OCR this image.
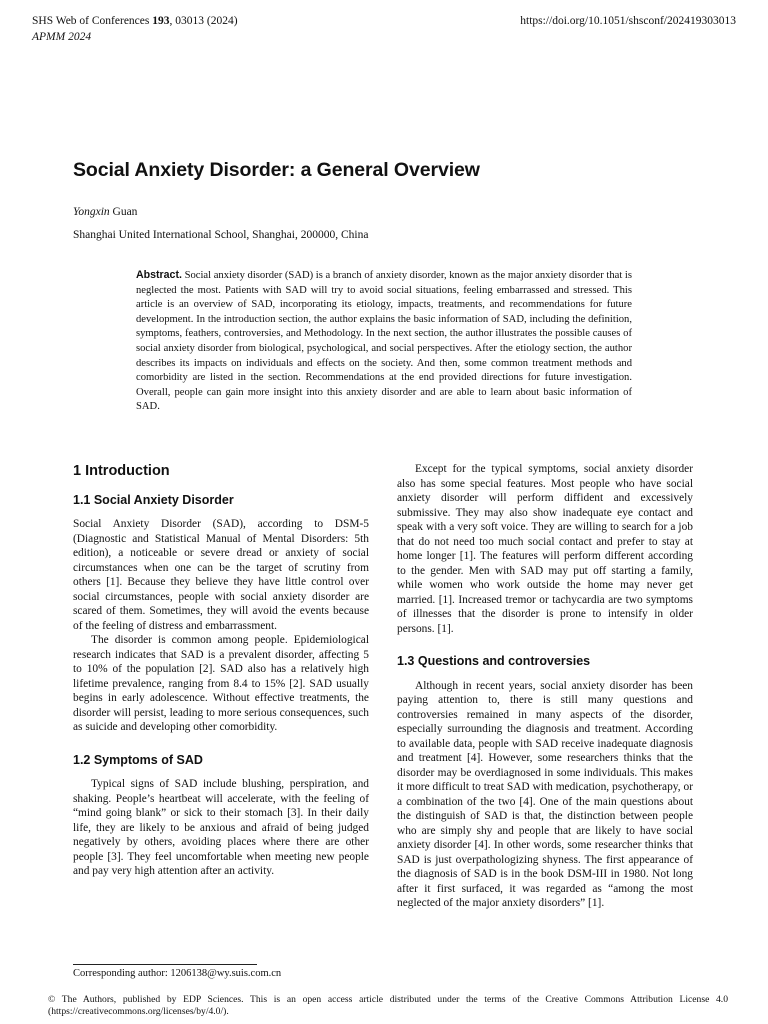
SHS Web of Conferences 193, 03013 (2024)	https://doi.org/10.1051/shsconf/202419303013
APMM 2024
Social Anxiety Disorder: a General Overview
Yongxin Guan
Shanghai United International School, Shanghai, 200000, China

Abstract. Social anxiety disorder (SAD) is a branch of anxiety disorder, known as the major anxiety disorder that is neglected the most. Patients with SAD will try to avoid social situations, feeling embarrassed and stressed. This article is an overview of SAD, incorporating its etiology, impacts, treatments, and recommendations for future development. In the introduction section, the author explains the basic information of SAD, including the definition, symptoms, feathers, controversies, and Methodology. In the next section, the author illustrates the possible causes of social anxiety disorder from biological, psychological, and social perspectives. After the etiology section, the author describes its impacts on individuals and effects on the society. And then, some common treatment methods and comorbidity are listed in the section. Recommendations at the end provided directions for future investigation. Overall, people can gain more insight into this anxiety disorder and are able to learn about basic information of SAD.

1 Introduction
1.1 Social Anxiety Disorder

Social Anxiety Disorder (SAD), according to DSM-5 (Diagnostic and Statistical Manual of Mental Disorders: 5th edition), a noticeable or severe dread or anxiety of social circumstances when one can be the target of scrutiny from others [1]. Because they believe they have little control over social circumstances, people with social anxiety disorder are scared of them. Sometimes, they will avoid the events because of the feeling of distress and embarrassment.

The disorder is common among people. Epidemiological research indicates that SAD is a prevalent disorder, affecting 5 to 10% of the population [2]. SAD also has a relatively high lifetime prevalence, ranging from 8.4 to 15% [2]. SAD usually begins in early adolescence. Without effective treatments, the disorder will persist, leading to more serious consequences, such as suicide and developing other comorbidity.

1.2 Symptoms of SAD

Typical signs of SAD include blushing, perspiration, and shaking. People’s heartbeat will accelerate, with the feeling of “mind going blank” or sick to their stomach [3]. In their daily life, they are likely to be anxious and afraid of being judged negatively by others, avoiding places where there are other people [3]. They feel uncomfortable when meeting new people and pay very high attention after an activity.

Except for the typical symptoms, social anxiety disorder also has some special features. Most people who have social anxiety disorder will perform diffident and excessively submissive. They may also show inadequate eye contact and speak with a very soft voice. They are willing to search for a job that do not need too much social contact and prefer to stay at home longer [1]. The features will perform different according to the gender. Men with SAD may put off starting a family, while women who work outside the home may never get married. [1]. Increased tremor or tachycardia are two symptoms of illnesses that the disorder is prone to intensify in older persons. [1].

1.3 Questions and controversies

Although in recent years, social anxiety disorder has been paying attention to, there is still many questions and controversies remained in many aspects of the disorder, especially surrounding the diagnosis and treatment. According to available data, people with SAD receive inadequate diagnosis and treatment [4]. However, some researchers thinks that the disorder may be overdiagnosed in some individuals. This makes it more difficult to treat SAD with medication, psychotherapy, or a combination of the two [4]. One of the main questions about the distinguish of SAD is that, the distinction between people who are simply shy and people that are likely to have social anxiety disorder [4]. In other words, some researcher thinks that SAD is just overpathologizing shyness. The first appearance of the diagnosis of SAD is in the book DSM-III in 1980. Not long after it first surfaced, it was regarded as “among the most neglected of the major anxiety disorders” [1].

Corresponding author: 1206138@wy.suis.com.cn
© The Authors, published by EDP Sciences. This is an open access article distributed under the terms of the Creative Commons Attribution License 4.0 (https://creativecommons.org/licenses/by/4.0/).
